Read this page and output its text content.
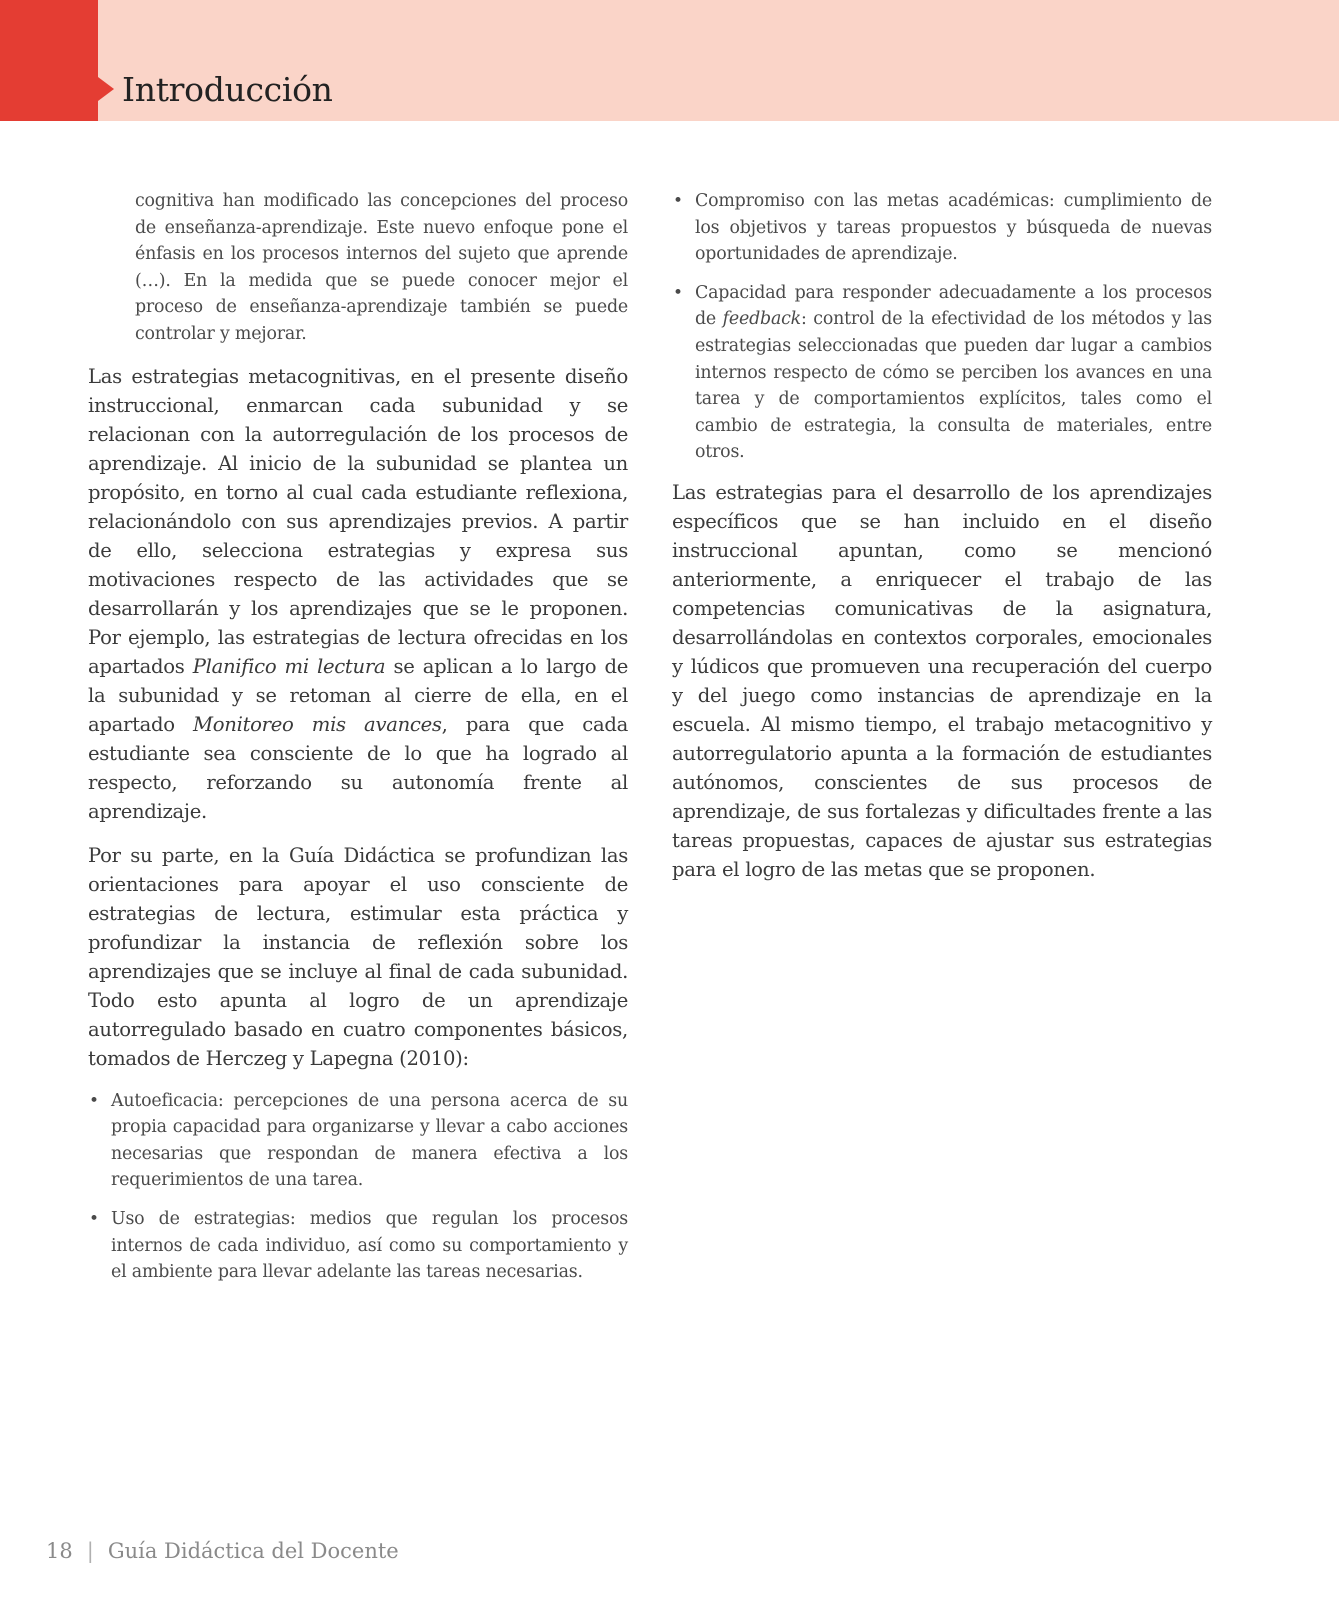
Introducción

cognitiva han modificado las concepciones del proceso de enseñanza-aprendizaje. Este nuevo enfoque pone el énfasis en los procesos internos del sujeto que aprende (…). En la medida que se puede conocer mejor el proceso de enseñanza-aprendizaje también se puede controlar y mejorar.

Las estrategias metacognitivas, en el presente diseño instruccional, enmarcan cada subunidad y se relacionan con la autorregulación de los procesos de aprendizaje. Al inicio de la subunidad se plantea un propósito, en torno al cual cada estudiante reflexiona, relacionándolo con sus aprendizajes previos. A partir de ello, selecciona estrategias y expresa sus motivaciones respecto de las actividades que se desarrollarán y los aprendizajes que se le proponen. Por ejemplo, las estrategias de lectura ofrecidas en los apartados Planifico mi lectura se aplican a lo largo de la subunidad y se retoman al cierre de ella, en el apartado Monitoreo mis avances, para que cada estudiante sea consciente de lo que ha logrado al respecto, reforzando su autonomía frente al aprendizaje.

Por su parte, en la Guía Didáctica se profundizan las orientaciones para apoyar el uso consciente de estrategias de lectura, estimular esta práctica y profundizar la instancia de reflexión sobre los aprendizajes que se incluye al final de cada subunidad. Todo esto apunta al logro de un aprendizaje autorregulado basado en cuatro componentes básicos, tomados de Herczeg y Lapegna (2010):

• Autoeficacia: percepciones de una persona acerca de su propia capacidad para organizarse y llevar a cabo acciones necesarias que respondan de manera efectiva a los requerimientos de una tarea.
• Uso de estrategias: medios que regulan los procesos internos de cada individuo, así como su comportamiento y el ambiente para llevar adelante las tareas necesarias.
• Compromiso con las metas académicas: cumplimiento de los objetivos y tareas propuestos y búsqueda de nuevas oportunidades de aprendizaje.
• Capacidad para responder adecuadamente a los procesos de feedback: control de la efectividad de los métodos y las estrategias seleccionadas que pueden dar lugar a cambios internos respecto de cómo se perciben los avances en una tarea y de comportamientos explícitos, tales como el cambio de estrategia, la consulta de materiales, entre otros.

Las estrategias para el desarrollo de los aprendizajes específicos que se han incluido en el diseño instruccional apuntan, como se mencionó anteriormente, a enriquecer el trabajo de las competencias comunicativas de la asignatura, desarrollándolas en contextos corporales, emocionales y lúdicos que promueven una recuperación del cuerpo y del juego como instancias de aprendizaje en la escuela. Al mismo tiempo, el trabajo metacognitivo y autorregulatorio apunta a la formación de estudiantes autónomos, conscientes de sus procesos de aprendizaje, de sus fortalezas y dificultades frente a las tareas propuestas, capaces de ajustar sus estrategias para el logro de las metas que se proponen.

18 | Guía Didáctica del Docente
